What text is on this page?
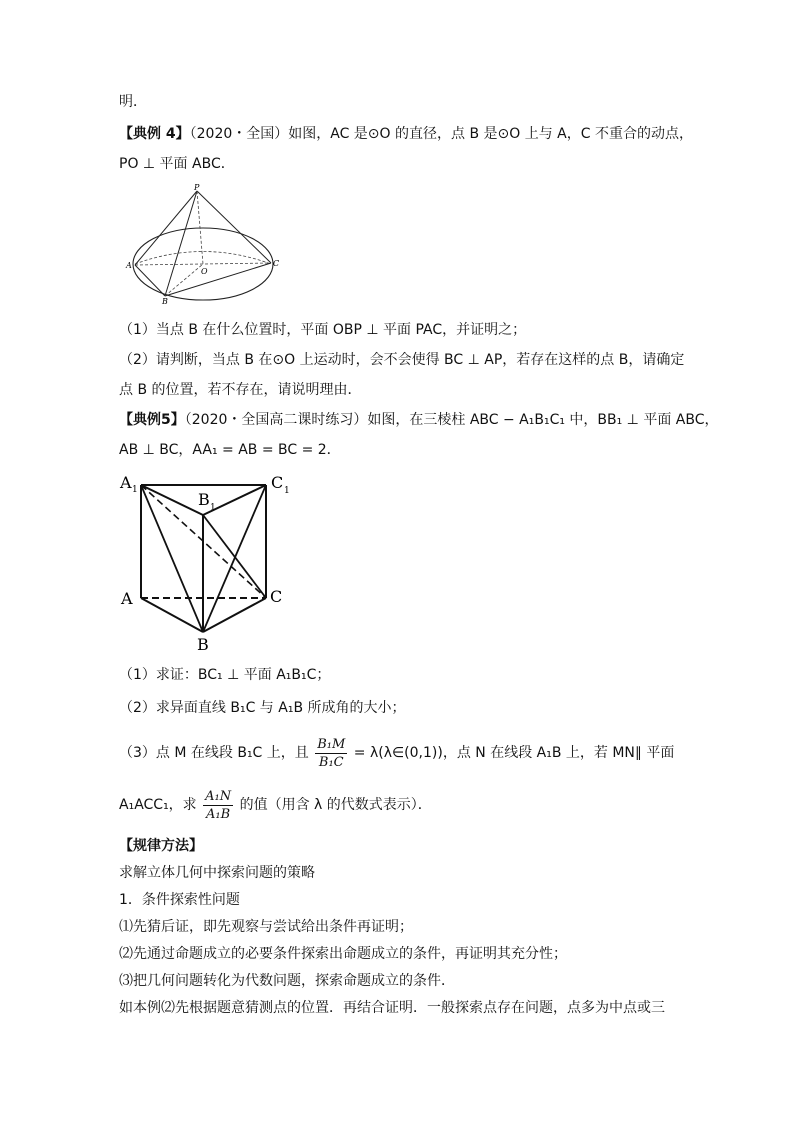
明．
【典例 4】（2020・全国）如图，AC 是⊙O 的直径，点 B 是⊙O 上与 A，C 不重合的动点，
PO ⊥ 平面 ABC．
P
A
O
C
B
（1）当点 B 在什么位置时，平面 OBP ⊥ 平面 PAC，并证明之；
（2）请判断，当点 B 在⊙O 上运动时，会不会使得 BC ⊥ AP，若存在这样的点 B，请确定
点 B 的位置，若不存在，请说明理由．
【典例5】（2020・全国高二课时练习）如图，在三棱柱 ABC − A₁B₁C₁ 中，BB₁ ⊥ 平面 ABC，
AB ⊥ BC，AA₁ = AB = BC = 2．
A 1	B 1
C 1
A	C
B
（1）求证：BC₁ ⊥ 平面 A₁B₁C；
（2）求异面直线 B₁C 与 A₁B 所成角的大小；
（3）点 M 在线段 B₁C 上，且 $\frac{\text{B₁M}}{\text{B₁C}}$ = λ(λ∈(0,1))，点 N 在线段 A₁B 上，若 MN∥ 平面
A₁ACC₁，求 $\frac{\text{A₁N}}{\text{A₁B}}$ 的值（用含 λ 的代数式表示）．
【规律方法】
求解立体几何中探索问题的策略
1．条件探索性问题
⑴先猜后证，即先观察与尝试给出条件再证明；
⑵先通过命题成立的必要条件探索出命题成立的条件，再证明其充分性；
⑶把几何问题转化为代数问题，探索命题成立的条件．
如本例⑵先根据题意猜测点的位置．再结合证明．一般探索点存在问题，点多为中点或三
